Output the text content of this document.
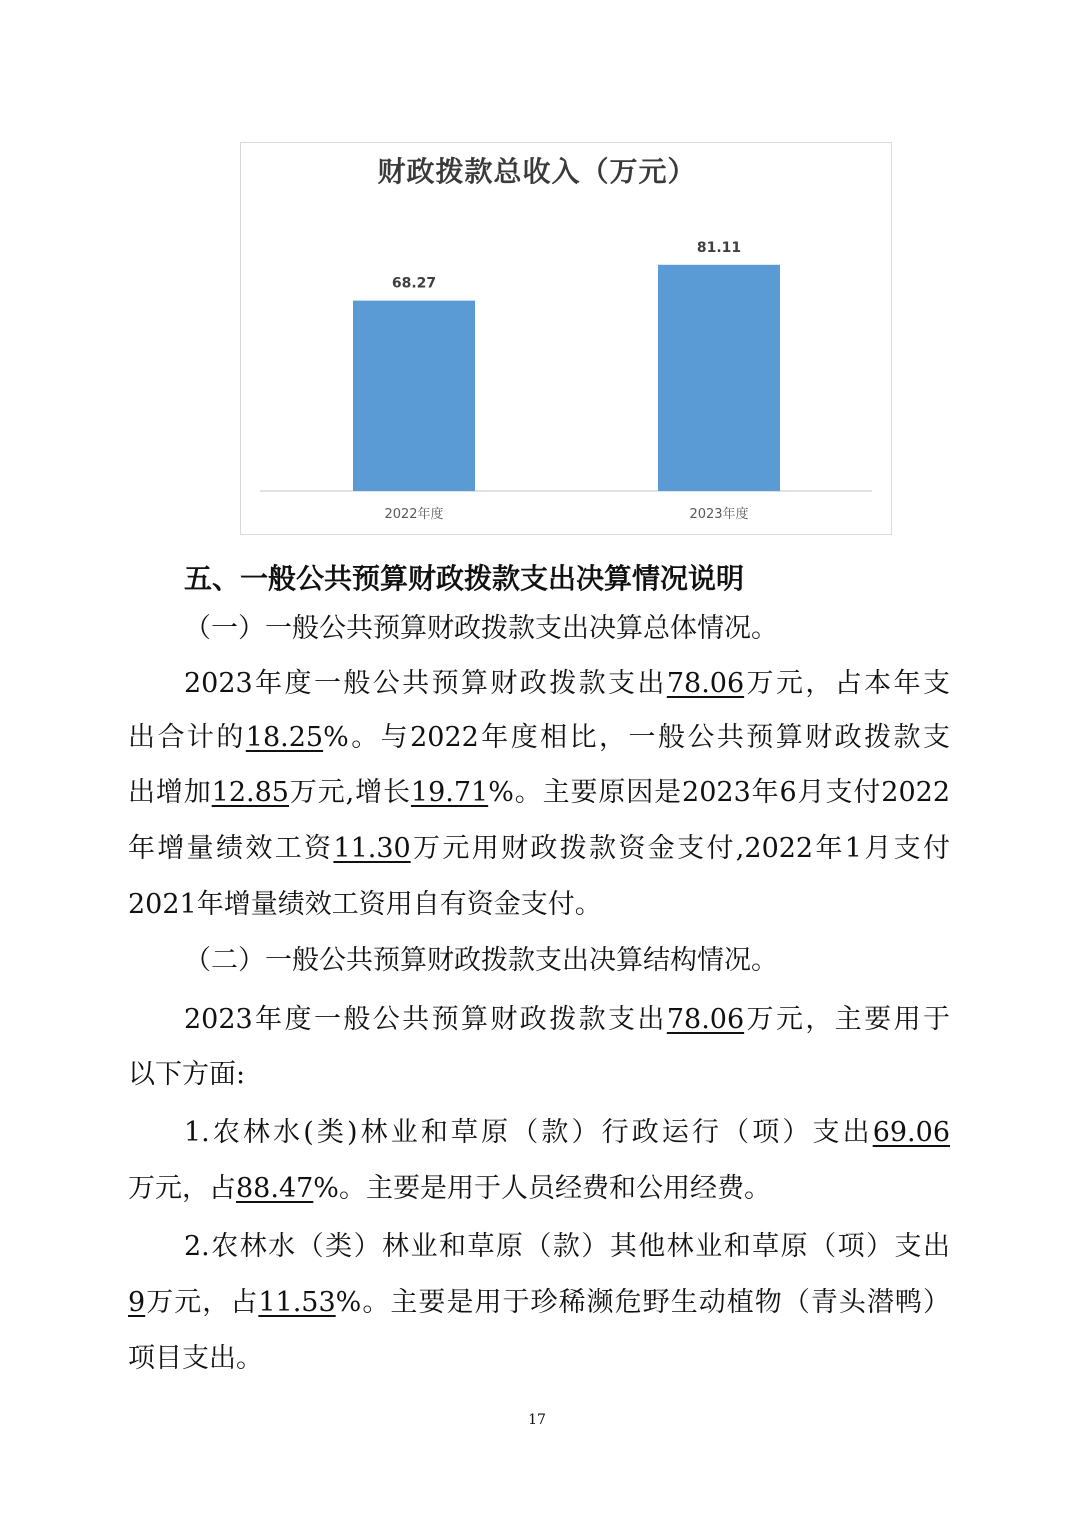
财政拨款总收入（万元）
68.27
2022年度
81.11
2023年度
五、一般公共预算财政拨款支出决算情况说明
（一）一般公共预算财政拨款支出决算总体情况。
2023年度一般公共预算财政拨款支出78.06万元，占本年支
出合计的18.25%。与2022年度相比，一般公共预算财政拨款支
出增加12.85万元,增长19.71%。主要原因是2023年6月支付2022
年增量绩效工资11.30万元用财政拨款资金支付,2022年1月支付
2021年增量绩效工资用自有资金支付。
（二）一般公共预算财政拨款支出决算结构情况。
2023年度一般公共预算财政拨款支出78.06万元，主要用于
以下方面:
1.农林水(类)林业和草原（款）行政运行（项）支出69.06
万元，占88.47%。主要是用于人员经费和公用经费。
2.农林水（类）林业和草原（款）其他林业和草原（项）支出
9万元，占11.53%。主要是用于珍稀濒危野生动植物（青头潜鸭）
项目支出。
17
